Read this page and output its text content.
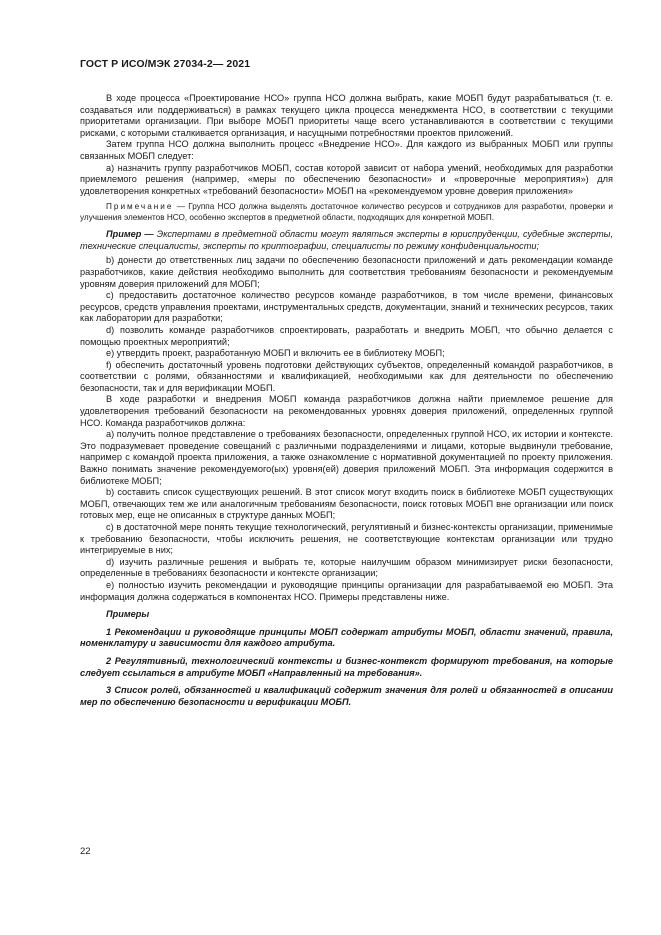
ГОСТ Р ИСО/МЭК 27034-2— 2021

В ходе процесса «Проектирование НСО» группа НСО должна выбрать, какие МОБП будут разрабатываться (т. е. создаваться или поддерживаться) в рамках текущего цикла процесса менеджмента НСО, в соответствии с текущими приоритетами организации. При выборе МОБП приоритеты чаще всего устанавливаются в соответствии с текущими рисками, с которыми сталкивается организация, и насущными потребностями проектов приложений.

Затем группа НСО должна выполнить процесс «Внедрение НСО». Для каждого из выбранных МОБП или группы связанных МОБП следует:

a) назначить группу разработчиков МОБП, состав которой зависит от набора умений, необходимых для разработки приемлемого решения (например, «меры по обеспечению безопасности» и «проверочные мероприятия») для удовлетворения конкретных «требований безопасности» МОБП на «рекомендуемом уровне доверия приложения»

Примечание — Группа НСО должна выделять достаточное количество ресурсов и сотрудников для разработки, проверки и улучшения элементов НСО, особенно экспертов в предметной области, подходящих для конкретной МОБП.

Пример — Экспертами в предметной области могут являться эксперты в юриспруденции, судебные эксперты, технические специалисты, эксперты по криптографии, специалисты по режиму конфиденциальности;

b) донести до ответственных лиц задачи по обеспечению безопасности приложений и дать рекомендации команде разработчиков, какие действия необходимо выполнить для соответствия требованиям безопасности и рекомендуемым уровням доверия приложений для МОБП;

c) предоставить достаточное количество ресурсов команде разработчиков, в том числе времени, финансовых ресурсов, средств управления проектами, инструментальных средств, документации, знаний и технических ресурсов, таких как лаборатории для разработки;

d) позволить команде разработчиков спроектировать, разработать и внедрить МОБП, что обычно делается с помощью проектных мероприятий;

e) утвердить проект, разработанную МОБП и включить ее в библиотеку МОБП;

f) обеспечить достаточный уровень подготовки действующих субъектов, определенный командой разработчиков, в соответствии с ролями, обязанностями и квалификацией, необходимыми как для деятельности по обеспечению безопасности, так и для верификации МОБП.

В ходе разработки и внедрения МОБП команда разработчиков должна найти приемлемое решение для удовлетворения требований безопасности на рекомендованных уровнях доверия приложений, определенных группой НСО. Команда разработчиков должна:

a) получить полное представление о требованиях безопасности, определенных группой НСО, их истории и контексте. Это подразумевает проведение совещаний с различными подразделениями и лицами, которые выдвинули требование, например с командой проекта приложения, а также ознакомление с нормативной документацией по проекту приложения. Важно понимать значение рекомендуемого(ых) уровня(ей) доверия приложений МОБП. Эта информация содержится в библиотеке МОБП;

b) составить список существующих решений. В этот список могут входить поиск в библиотеке МОБП существующих МОБП, отвечающих тем же или аналогичным требованиям безопасности, поиск готовых МОБП вне организации или поиск готовых мер, еще не описанных в структуре данных МОБП;

c) в достаточной мере понять текущие технологический, регулятивный и бизнес-контексты организации, применимые к требованию безопасности, чтобы исключить решения, не соответствующие контекстам организации или трудно интегрируемые в них;

d) изучить различные решения и выбрать те, которые наилучшим образом минимизирует риски безопасности, определенные в требованиях безопасности и контексте организации;

e) полностью изучить рекомендации и руководящие принципы организации для разрабатываемой ею МОБП. Эта информация должна содержаться в компонентах НСО. Примеры представлены ниже.

Примеры

1 Рекомендации и руководящие принципы МОБП содержат атрибуты МОБП, области значений, правила, номенклатуру и зависимости для каждого атрибута.

2 Регулятивный, технологический контексты и бизнес-контекст формируют требования, на которые следует ссылаться в атрибуте МОБП «Направленный на требования».

3 Список ролей, обязанностей и квалификаций содержит значения для ролей и обязанностей в описании мер по обеспечению безопасности и верификации МОБП.

22
